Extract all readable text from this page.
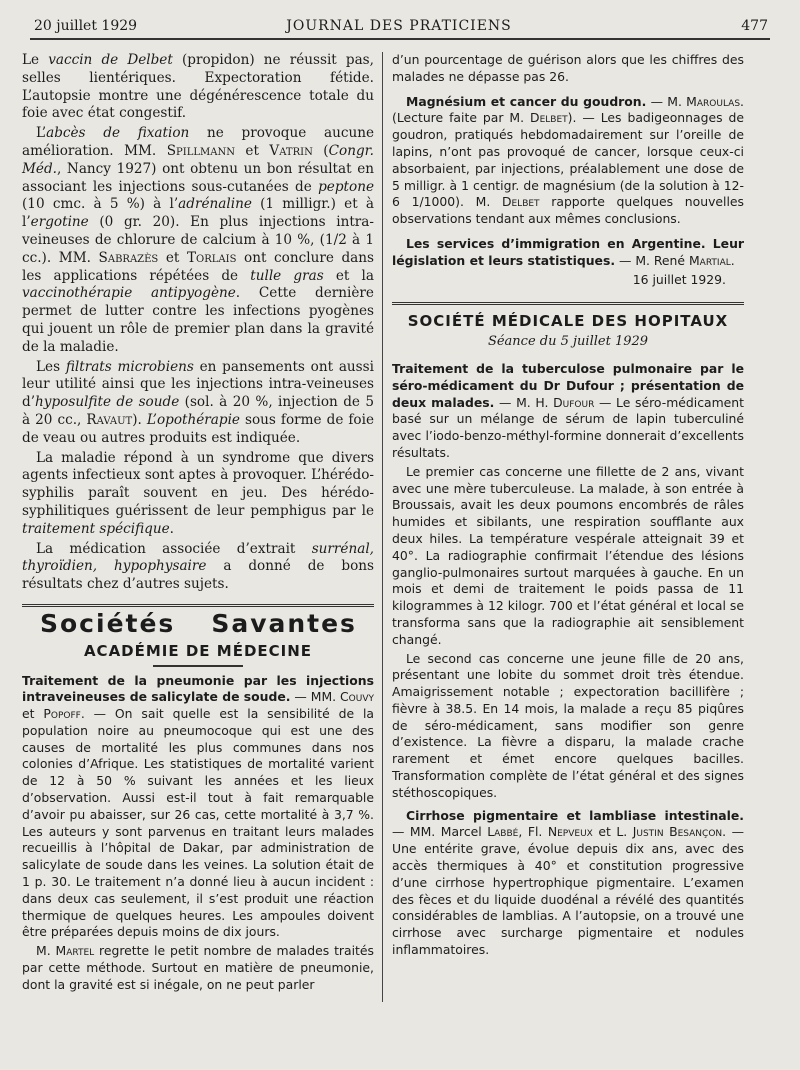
20 juillet 1929	JOURNAL DES PRATICIENS	477

Le vaccin de Delbet (propidon) ne réussit pas, selles lientériques. Expectoration fétide. L’autopsie montre une dégénérescence totale du foie avec état congestif.

L’abcès de fixation ne provoque aucune amélioration. MM. Spillmann et Vatrin (Congr. Méd., Nancy 1927) ont obtenu un bon résultat en associant les injections sous-cutanées de peptone (10 cmc. à 5 %) à l’adrénaline (1 milligr.) et à l’ergotine (0 gr. 20). En plus injections intra-veineuses de chlorure de calcium à 10 %, (1/2 à 1 cc.). MM. Sabrazès et Torlais ont conclure dans les applications répétées de tulle gras et la vaccinothérapie antipyogène. Cette dernière permet de lutter contre les infections pyogènes qui jouent un rôle de premier plan dans la gravité de la maladie.

Les filtrats microbiens en pansements ont aussi leur utilité ainsi que les injections intra-veineuses d’hyposulfite de soude (sol. à 20 %, injection de 5 à 20 cc., Ravaut). L’opothérapie sous forme de foie de veau ou autres produits est indiquée.

La maladie répond à un syndrome que divers agents infectieux sont aptes à provoquer. L’hérédo-syphilis paraît souvent en jeu. Des hérédo-syphilitiques guérissent de leur pemphigus par le traitement spécifique.

La médication associée d’extrait surrénal, thyroïdien, hypophysaire a donné de bons résultats chez d’autres sujets.

Sociétés Savantes
ACADÉMIE DE MÉDECINE

Traitement de la pneumonie par les injections intraveineuses de salicylate de soude. — MM. Couvy et Popoff. — On sait quelle est la sensibilité de la population noire au pneumocoque qui est une des causes de mortalité les plus communes dans nos colonies d’Afrique. Les statistiques de mortalité varient de 12 à 50 % suivant les années et les lieux d’observation. Aussi est-il tout à fait remarquable d’avoir pu abaisser, sur 26 cas, cette mortalité à 3,7 %. Les auteurs y sont parvenus en traitant leurs malades recueillis à l’hôpital de Dakar, par administration de salicylate de soude dans les veines. La solution était de 1 p. 30. Le traitement n’a donné lieu à aucun incident : dans deux cas seulement, il s’est produit une réaction thermique de quelques heures. Les ampoules doivent être préparées depuis moins de dix jours.

M. Martel regrette le petit nombre de malades traités par cette méthode. Surtout en matière de pneumonie, dont la gravité est si inégale, on ne peut parler

d’un pourcentage de guérison alors que les chiffres des malades ne dépasse pas 26.

Magnésium et cancer du goudron. — M. Maroulas. (Lecture faite par M. Delbet). — Les badigeonnages de goudron, pratiqués hebdomadairement sur l’oreille de lapins, n’ont pas provoqué de cancer, lorsque ceux-ci absorbaient, par injections, préalablement une dose de 5 milligr. à 1 centigr. de magnésium (de la solution à 12-6 1/1000). M. Delbet rapporte quelques nouvelles observations tendant aux mêmes conclusions.

Les services d’immigration en Argentine. Leur législation et leurs statistiques. — M. René Martial.

16 juillet 1929.

SOCIÉTÉ MÉDICALE DES HOPITAUX
Séance du 5 juillet 1929

Traitement de la tuberculose pulmonaire par le séro-médicament du Dr Dufour ; présentation de deux malades. — M. H. Dufour — Le séro-médicament basé sur un mélange de sérum de lapin tuberculiné avec l’iodo-benzo-méthyl-formine donnerait d’excellents résultats.

Le premier cas concerne une fillette de 2 ans, vivant avec une mère tuberculeuse. La malade, à son entrée à Broussais, avait les deux poumons encombrés de râles humides et sibilants, une respiration soufflante aux deux hiles. La température vespérale atteignait 39 et 40°. La radiographie confirmait l’étendue des lésions ganglio-pulmonaires surtout marquées à gauche. En un mois et demi de traitement le poids passa de 11 kilogrammes à 12 kilogr. 700 et l’état général et local se transforma sans que la radiographie ait sensiblement changé.

Le second cas concerne une jeune fille de 20 ans, présentant une lobite du sommet droit très étendue. Amaigrissement notable ; expectoration bacillifère ; fièvre à 38.5. En 14 mois, la malade a reçu 85 piqûres de séro-médicament, sans modifier son genre d’existence. La fièvre a disparu, la malade crache rarement et émet encore quelques bacilles. Transformation complète de l’état général et des signes stéthoscopiques.

Cirrhose pigmentaire et lambliase intestinale. — MM. Marcel Labbé, Fl. Nepveux et L. Justin Besançon. — Une entérite grave, évolue depuis dix ans, avec des accès thermiques à 40° et constitution progressive d’une cirrhose hypertrophique pigmentaire. L’examen des fèces et du liquide duodénal a révélé des quantités considérables de lamblias. A l’autopsie, on a trouvé une cirrhose avec surcharge pigmentaire et nodules inflammatoires.
